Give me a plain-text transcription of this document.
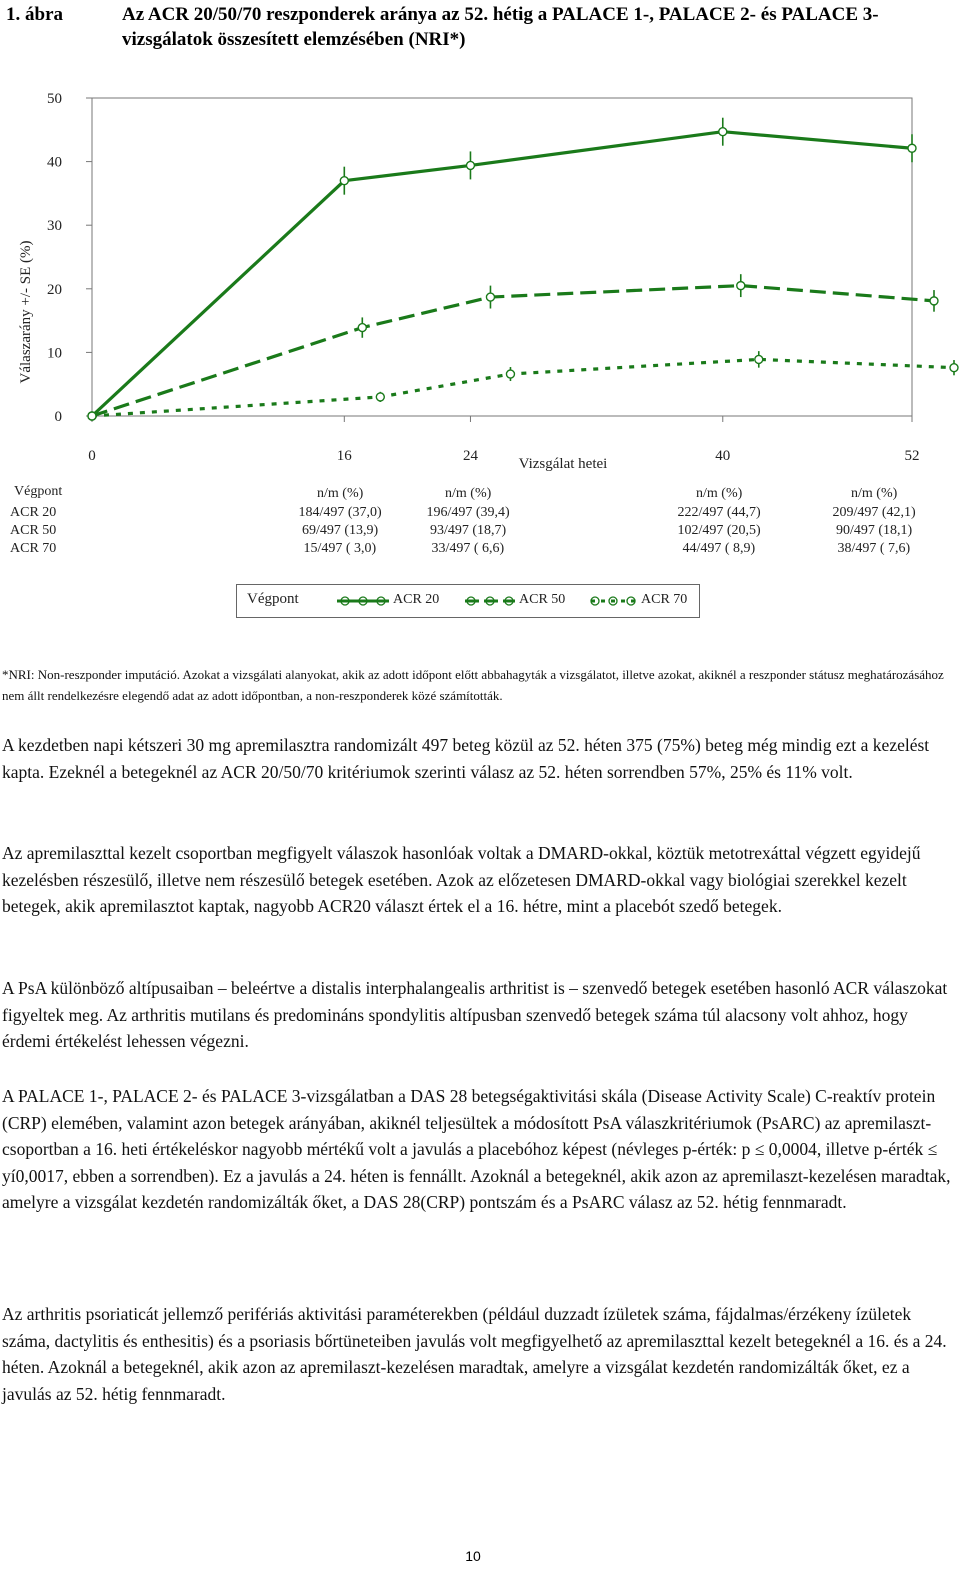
1. ábra	Az ACR 20/50/70 reszponderek aránya az 52. hétig a PALACE 1-, PALACE 2- és PALACE 3-vizsgálatok összesített elemzésében (NRI*)
0
10
20
30
40
50
0	16	24	40	52
Válaszarány +/- SE (%)
Vizsgálat hetei
Végpont	n/m (%)	n/m (%)	n/m (%)	n/m (%)
ACR 20	184/497 (37,0)	196/497 (39,4)	222/497 (44,7)	209/497 (42,1)
ACR 50	69/497 (13,9)	93/497 (18,7)	102/497 (20,5)	90/497 (18,1)
ACR 70	15/497 ( 3,0)	33/497 ( 6,6)	44/497 ( 8,9)	38/497 ( 7,6)
Végpont	ACR 20	ACR 50	ACR 70
*NRI: Non-reszponder imputáció. Azokat a vizsgálati alanyokat, akik az adott időpont előtt abbahagyták a vizsgálatot, illetve azokat, akiknél a reszponder státusz meghatározásához nem állt rendelkezésre elegendő adat az adott időpontban, a non-reszponderek közé számították.
A kezdetben napi kétszeri 30 mg apremilasztra randomizált 497 beteg közül az 52. héten 375 (75%) beteg még mindig ezt a kezelést kapta. Ezeknél a betegeknél az ACR 20/50/70 kritériumok szerinti válasz az 52. héten sorrendben 57%, 25% és 11% volt.
Az apremilaszttal kezelt csoportban megfigyelt válaszok hasonlóak voltak a DMARD-okkal, köztük metotrexáttal végzett egyidejű kezelésben részesülő, illetve nem részesülő betegek esetében. Azok az előzetesen DMARD-okkal vagy biológiai szerekkel kezelt betegek, akik apremilasztot kaptak, nagyobb ACR20 választ értek el a 16. hétre, mint a placebót szedő betegek.
A PsA különböző altípusaiban – beleértve a distalis interphalangealis arthritist is – szenvedő betegek esetében hasonló ACR válaszokat figyeltek meg. Az arthritis mutilans és predomináns spondylitis altípusban szenvedő betegek száma túl alacsony volt ahhoz, hogy érdemi értékelést lehessen végezni.
A PALACE 1-, PALACE 2- és PALACE 3-vizsgálatban a DAS 28 betegségaktivitási skála (Disease Activity Scale) C-reaktív protein (CRP) elemében, valamint azon betegek arányában, akiknél teljesültek a módosított PsA válaszkritériumok (PsARC) az apremilaszt-csoportban a 16. heti értékeléskor nagyobb mértékű volt a javulás a placebóhoz képest (névleges p-érték: p ≤ 0,0004, illetve p-érték ≤ yí0,0017, ebben a sorrendben). Ez a javulás a 24. héten is fennállt. Azoknál a betegeknél, akik azon az apremilaszt-kezelésen maradtak, amelyre a vizsgálat kezdetén randomizálták őket, a DAS 28(CRP) pontszám és a PsARC válasz az 52. hétig fennmaradt.
Az arthritis psoriaticát jellemző perifériás aktivitási paraméterekben (például duzzadt ízületek száma, fájdalmas/érzékeny ízületek száma, dactylitis és enthesitis) és a psoriasis bőrtüneteiben javulás volt megfigyelhető az apremilaszttal kezelt betegeknél a 16. és a 24. héten. Azoknál a betegeknél, akik azon az apremilaszt-kezelésen maradtak, amelyre a vizsgálat kezdetén randomizálták őket, ez a javulás az 52. hétig fennmaradt.
10
